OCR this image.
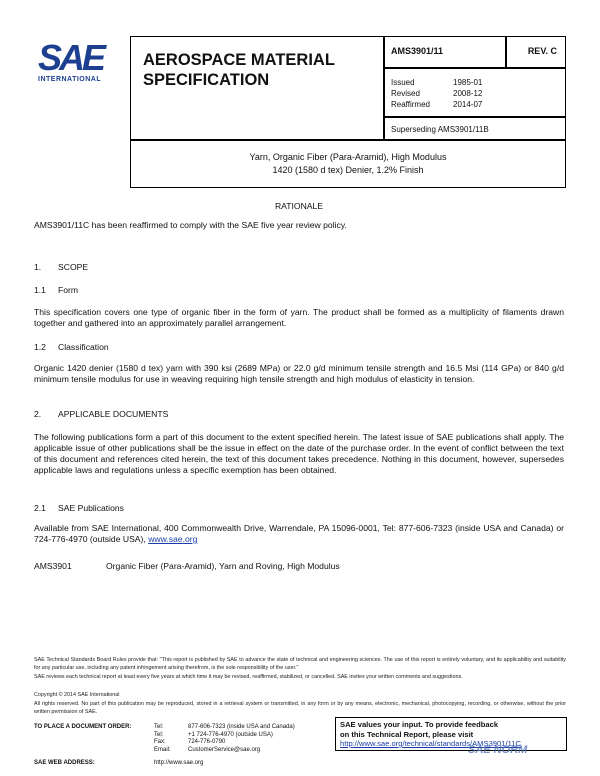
SAE
INTERNATIONAL
AEROSPACE MATERIAL
SPECIFICATION
AMS3901/11	REV. C
Issued	1985-01
Revised	2008-12
Reaffirmed	2014-07
Superseding AMS3901/11B
Yarn, Organic Fiber (Para-Aramid), High Modulus
1420 (1580 d tex) Denier, 1.2% Finish
RATIONALE
AMS3901/11C has been reaffirmed to comply with the SAE five year review policy.
1. SCOPE
1.1 Form
This specification covers one type of organic fiber in the form of yarn. The product shall be formed as a multiplicity of filaments drawn together and gathered into an approximately parallel arrangement.
1.2 Classification
Organic 1420 denier (1580 d tex) yarn with 390 ksi (2689 MPa) or 22.0 g/d minimum tensile strength and 16.5 Msi (114 GPa) or 840 g/d minimum tensile modulus for use in weaving requiring high tensile strength and high modulus of elasticity in tension.
2. APPLICABLE DOCUMENTS
The following publications form a part of this document to the extent specified herein. The latest issue of SAE publications shall apply. The applicable issue of other publications shall be the issue in effect on the date of the purchase order. In the event of conflict between the text of this document and references cited herein, the text of this document takes precedence. Nothing in this document, however, supersedes applicable laws and regulations unless a specific exemption has been obtained.
2.1 SAE Publications
Available from SAE International, 400 Commonwealth Drive, Warrendale, PA 15096-0001, Tel: 877-606-7323 (inside USA and Canada) or 724-776-4970 (outside USA), www.sae.org
AMS3901	Organic Fiber (Para-Aramid), Yarn and Roving, High Modulus
SAE Technical Standards Board Rules provide that: "This report is published by SAE to advance the state of technical and engineering sciences. The use of this report is entirely voluntary, and its applicability and suitability for any particular use, including any patent infringement arising therefrom, is the sole responsibility of the user."
SAE reviews each technical report at least every five years at which time it may be revised, reaffirmed, stabilized, or cancelled. SAE invites your written comments and suggestions.
Copyright © 2014 SAE International
All rights reserved. No part of this publication may be reproduced, stored in a retrieval system or transmitted, in any form or by any means, electronic, mechanical, photocopying, recording, or otherwise, without the prior written permission of SAE.
TO PLACE A DOCUMENT ORDER:	Tel:	877-606-7323 (inside USA and Canada)
Tel:	+1 724-776-4970 (outside USA)
Fax:	724-776-0790
Email:	CustomerService@sae.org
SAE WEB ADDRESS:	http://www.sae.org
SAE values your input. To provide feedback
on this Technical Report, please visit
http://www.sae.org/technical/standards/AMS3901/11C
SAE NORM
